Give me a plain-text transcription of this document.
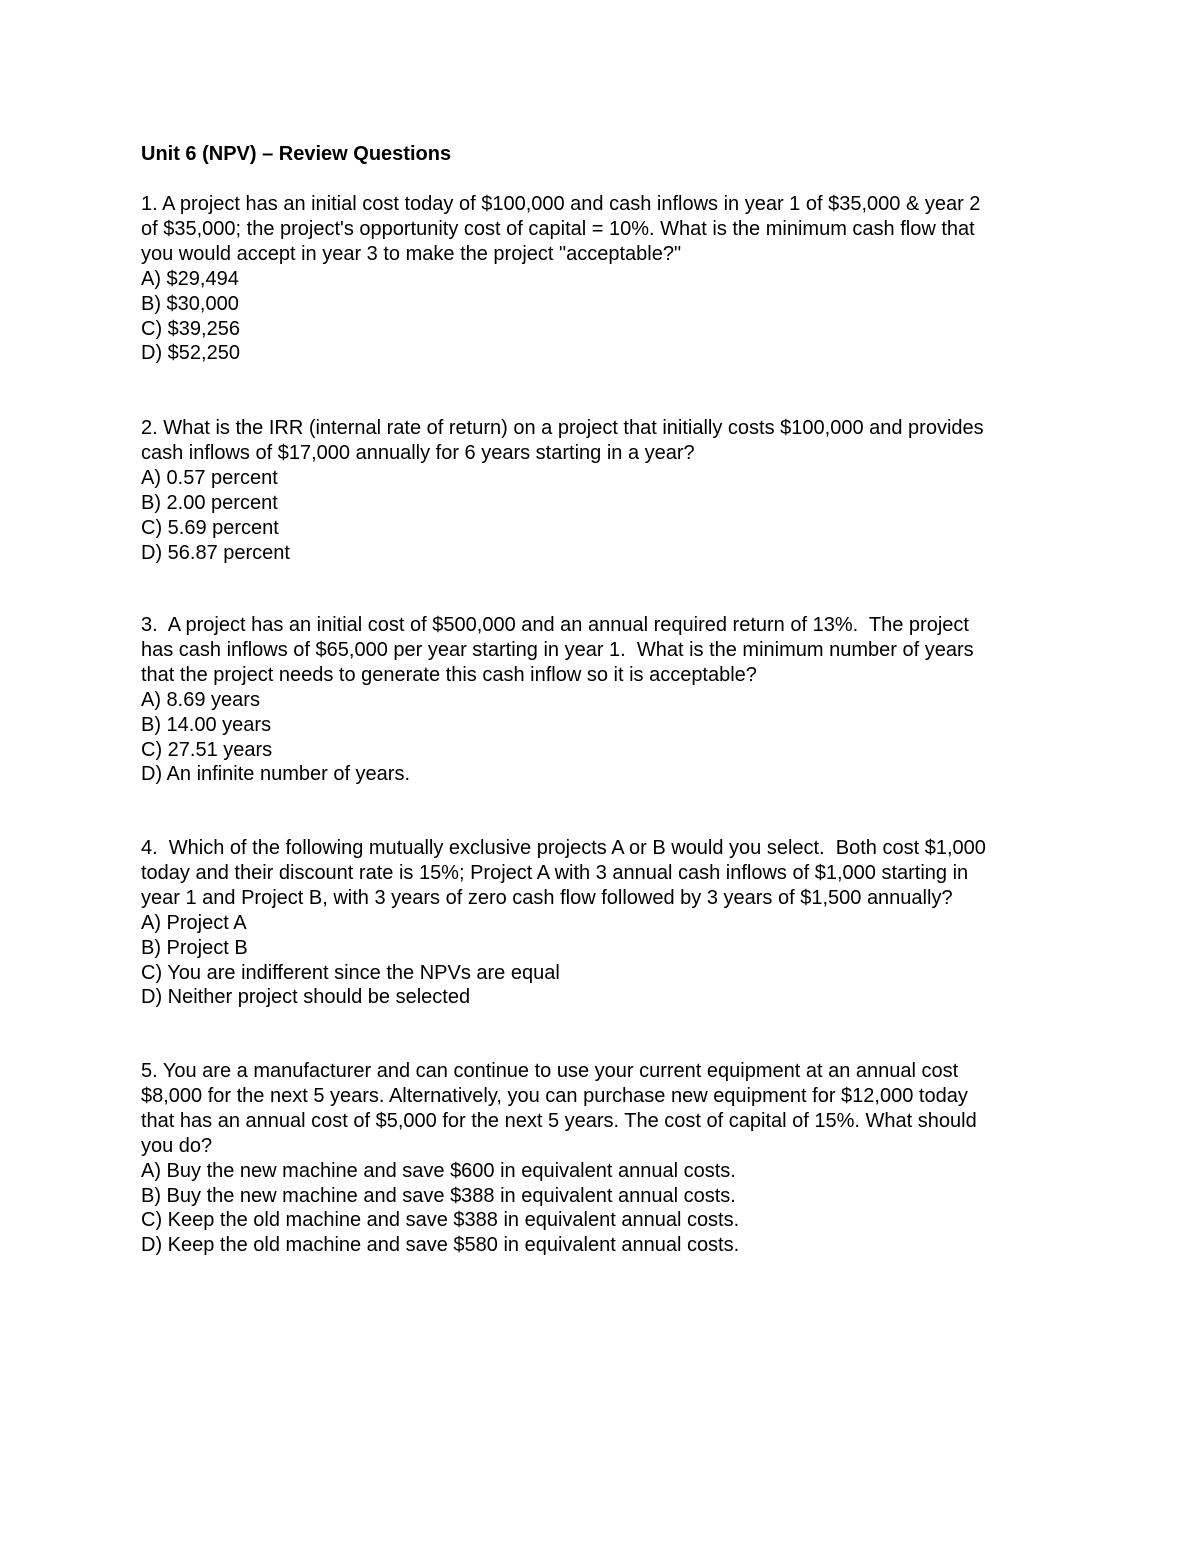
Unit 6 (NPV) – Review Questions
1. A project has an initial cost today of $100,000 and cash inflows in year 1 of $35,000 & year 2
of $35,000; the project's opportunity cost of capital = 10%. What is the minimum cash flow that
you would accept in year 3 to make the project "acceptable?"
A) $29,494
B) $30,000
C) $39,256
D) $52,250
2. What is the IRR (internal rate of return) on a project that initially costs $100,000 and provides
cash inflows of $17,000 annually for 6 years starting in a year?
A) 0.57 percent
B) 2.00 percent
C) 5.69 percent
D) 56.87 percent
3.  A project has an initial cost of $500,000 and an annual required return of 13%.  The project
has cash inflows of $65,000 per year starting in year 1.  What is the minimum number of years
that the project needs to generate this cash inflow so it is acceptable?
A) 8.69 years
B) 14.00 years
C) 27.51 years
D) An infinite number of years.
4.  Which of the following mutually exclusive projects A or B would you select.  Both cost $1,000
today and their discount rate is 15%; Project A with 3 annual cash inflows of $1,000 starting in
year 1 and Project B, with 3 years of zero cash flow followed by 3 years of $1,500 annually?
A) Project A
B) Project B
C) You are indifferent since the NPVs are equal
D) Neither project should be selected
5. You are a manufacturer and can continue to use your current equipment at an annual cost
$8,000 for the next 5 years. Alternatively, you can purchase new equipment for $12,000 today
that has an annual cost of $5,000 for the next 5 years. The cost of capital of 15%. What should
you do?
A) Buy the new machine and save $600 in equivalent annual costs.
B) Buy the new machine and save $388 in equivalent annual costs.
C) Keep the old machine and save $388 in equivalent annual costs.
D) Keep the old machine and save $580 in equivalent annual costs.
